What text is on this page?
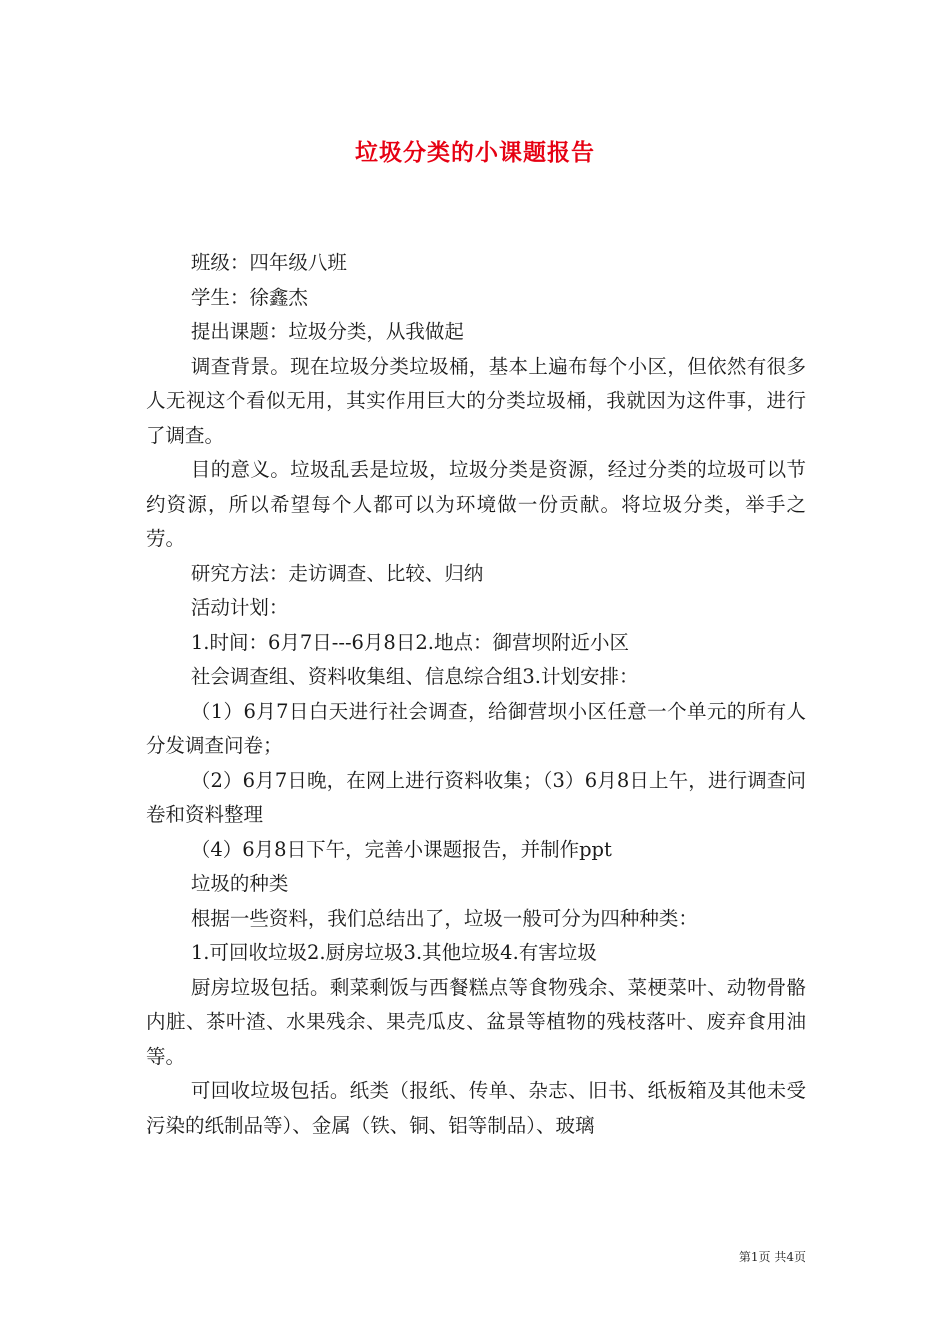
垃圾分类的小课题报告

班级：四年级八班

学生：徐鑫杰

提出课题：垃圾分类，从我做起

调查背景。现在垃圾分类垃圾桶，基本上遍布每个小区，但依然有很多人无视这个看似无用，其实作用巨大的分类垃圾桶，我就因为这件事，进行了调查。

目的意义。垃圾乱丢是垃圾，垃圾分类是资源，经过分类的垃圾可以节约资源，所以希望每个人都可以为环境做一份贡献。将垃圾分类，举手之劳。

研究方法：走访调查、比较、归纳

活动计划：

1.时间：6月7日---6月8日2.地点：御营坝附近小区

社会调查组、资料收集组、信息综合组3.计划安排：

（1）6月7日白天进行社会调查，给御营坝小区任意一个单元的所有人分发调查问卷；

（2）6月7日晚，在网上进行资料收集；（3）6月8日上午，进行调查问卷和资料整理

（4）6月8日下午，完善小课题报告，并制作ppt

垃圾的种类

根据一些资料，我们总结出了，垃圾一般可分为四种种类：

1.可回收垃圾2.厨房垃圾3.其他垃圾4.有害垃圾

厨房垃圾包括。剩菜剩饭与西餐糕点等食物残余、菜梗菜叶、动物骨骼内脏、茶叶渣、水果残余、果壳瓜皮、盆景等植物的残枝落叶、废弃食用油等。

可回收垃圾包括。纸类（报纸、传单、杂志、旧书、纸板箱及其他未受污染的纸制品等）、金属（铁、铜、铝等制品）、玻璃

第1页 共4页
